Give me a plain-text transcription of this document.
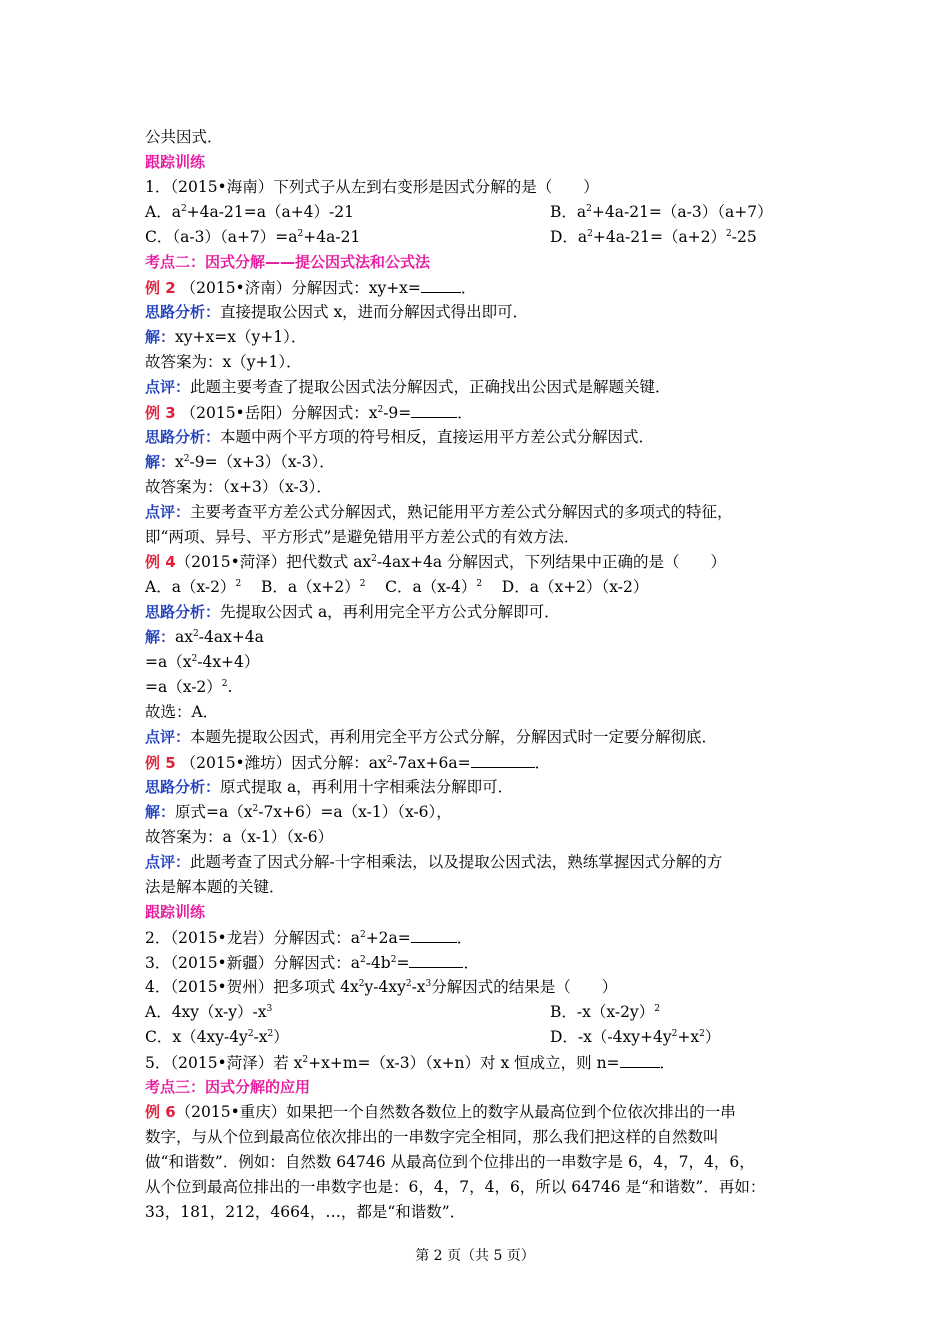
公共因式．
跟踪训练
1．（2015•海南）下列式子从左到右变形是因式分解的是（　　）
A．$a^2+4a-21=a(a+4)-21$	B．$a^2+4a-21=(a-3)(a+7)$
C．$(a-3)(a+7)=a^2+4a-21$	D．$a^2+4a-21=(a+2)^2-25$
考点二：因式分解——提公因式法和公式法
例 2 （2015•济南）分解因式：xy+x=	．
思路分析：直接提取公因式 x，进而分解因式得出即可．
解：xy+x=x（y+1）．
故答案为：x（y+1）．
点评：此题主要考查了提取公因式法分解因式，正确找出公因式是解题关键．
例 3 （2015•岳阳）分解因式：$x^2-9=$	．
思路分析：本题中两个平方项的符号相反，直接运用平方差公式分解因式．
解：$x^2-9=(x+3)(x-3)$．
故答案为：（x+3）（x-3）．
点评：主要考查平方差公式分解因式，熟记能用平方差公式分解因式的多项式的特征，
即“两项、异号、平方形式”是避免错用平方差公式的有效方法．
例 4（2015•菏泽）把代数式 $ax^2-4ax+4a$ 分解因式，下列结果中正确的是（　　）
A．$a(x-2)^2$ B．$a(x+2)^2$ C．$a(x-4)^2$ D．a（x+2）（x-2）
思路分析：先提取公因式 a，再利用完全平方公式分解即可．
解：$ax^2-4ax+4a$
$=a(x^2-4x+4)$
$=a(x-2)^2$.
故选：A．
点评：本题先提取公因式，再利用完全平方公式分解，分解因式时一定要分解彻底．
例 5 （2015•潍坊）因式分解：$ax^2-7ax+6a=$	．
思路分析：原式提取 a，再利用十字相乘法分解即可．
解：原式$=a(x^2-7x+6)=a(x-1)(x-6)$，
故答案为：a（x-1）（x-6）
点评：此题考查了因式分解-十字相乘法，以及提取公因式法，熟练掌握因式分解的方
法是解本题的关键．
跟踪训练
2．（2015•龙岩）分解因式：$a^2+2a=$	．
3．（2015•新疆）分解因式：$a^2-4b^2=$	．
4．（2015•贺州）把多项式 $4x^2y-4xy^2-x^3$分解因式的结果是（　　）
A．$4xy(x-y)-x^3$	B．$-x(x-2y)^2$
C．$x(4xy-4y^2-x^2)$	D．$-x(-4xy+4y^2+x^2)$
5．（2015•菏泽）若 $x^2+x+m=(x-3)(x+n)$对 x 恒成立，则 n=	．
考点三：因式分解的应用
例 6（2015•重庆）如果把一个自然数各数位上的数字从最高位到个位依次排出的一串
数字，与从个位到最高位依次排出的一串数字完全相同，那么我们把这样的自然数叫
做“和谐数”．例如：自然数 64746 从最高位到个位排出的一串数字是 6，4，7，4，6，
从个位到最高位排出的一串数字也是：6，4，7，4，6，所以 64746 是“和谐数”．再如：
33，181，212，4664，…，都是“和谐数”．
第 2 页（共 5 页）
